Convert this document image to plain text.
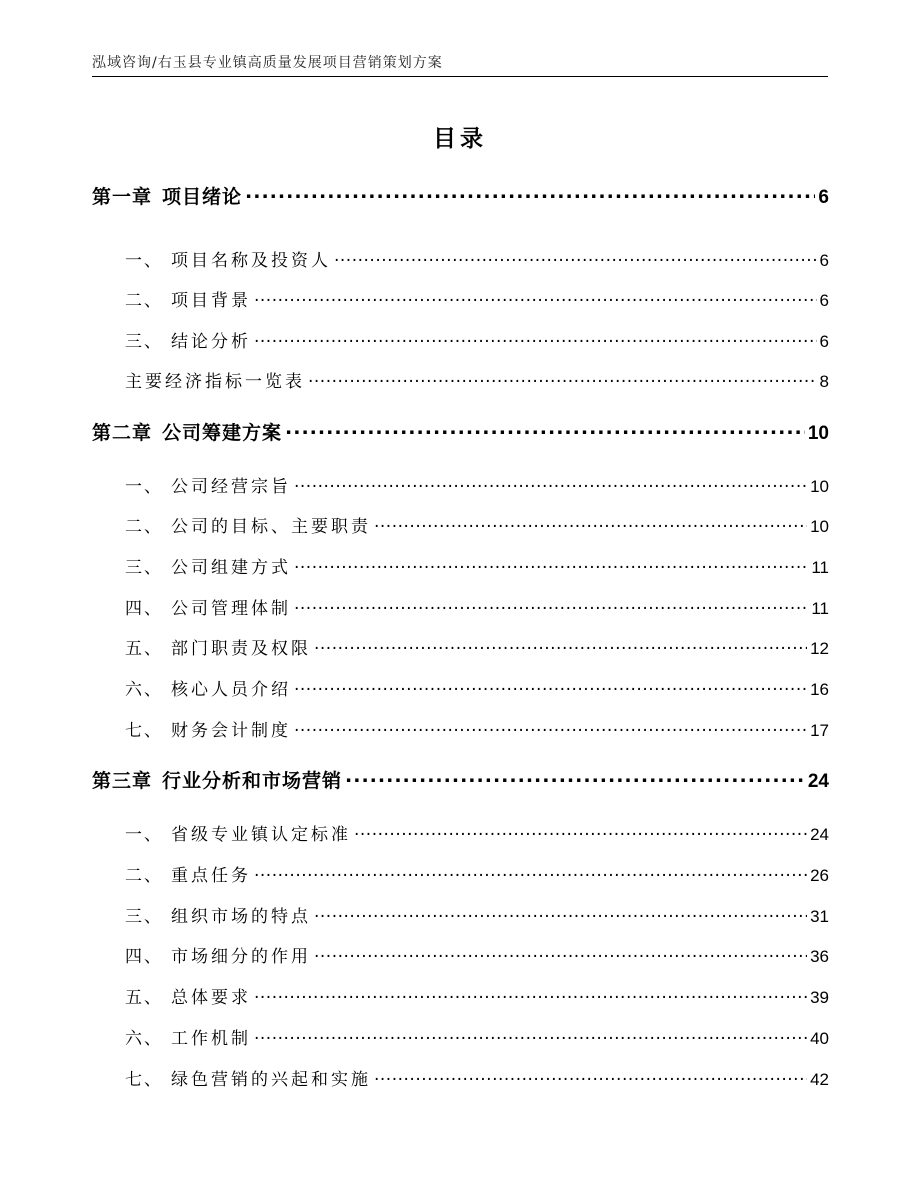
泓域咨询/右玉县专业镇高质量发展项目营销策划方案
目录
第一章 项目绪论 .....	6
一、 项目名称及投资人 .....	6
二、 项目背景 .....	6
三、 结论分析 .....	6
主要经济指标一览表 .....	8
第二章 公司筹建方案 .....	10
一、 公司经营宗旨 .....	10
二、 公司的目标、主要职责 .....	10
三、 公司组建方式 .....	11
四、 公司管理体制 .....	11
五、 部门职责及权限 .....	12
六、 核心人员介绍 .....	16
七、 财务会计制度 .....	17
第三章 行业分析和市场营销 .....	24
一、 省级专业镇认定标准 .....	24
二、 重点任务 .....	26
三、 组织市场的特点 .....	31
四、 市场细分的作用 .....	36
五、 总体要求 .....	39
六、 工作机制 .....	40
七、 绿色营销的兴起和实施 .....	42
